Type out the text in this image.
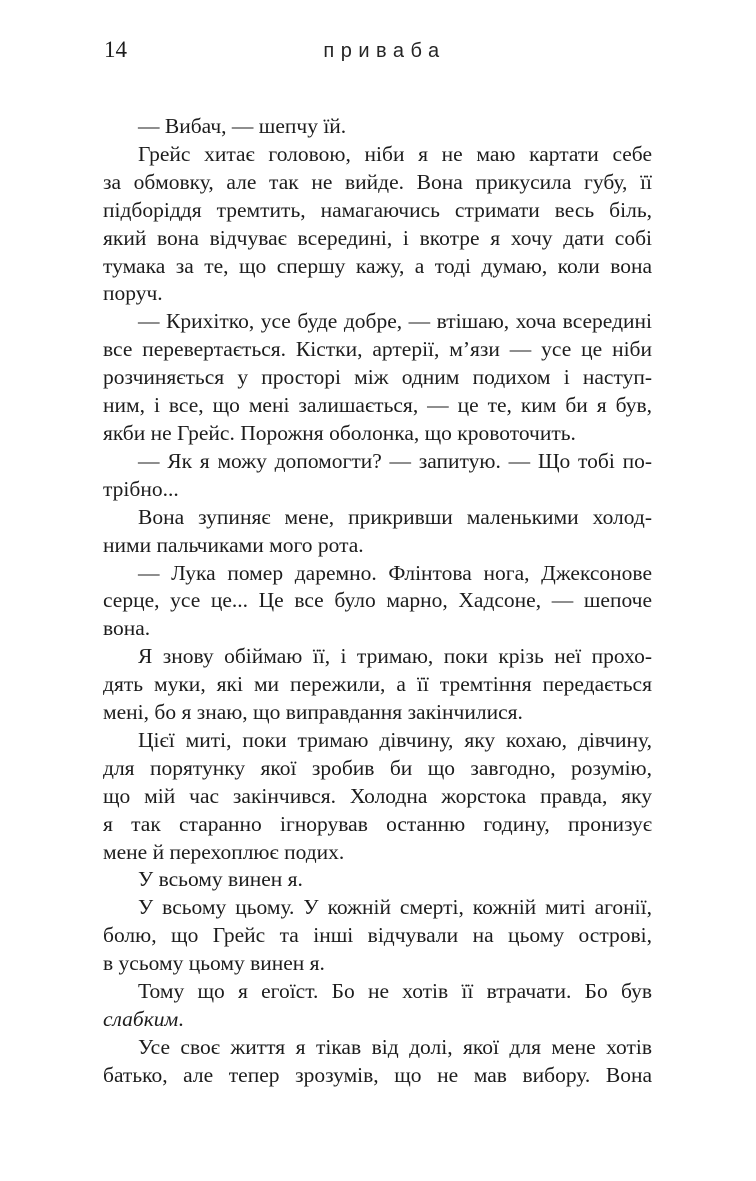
14	приваба
— Вибач, — шепчу їй.
Грейс хитає головою, ніби я не маю картати себе
за обмовку, але так не вийде. Вона прикусила губу, її
підборіддя тремтить, намагаючись стримати весь біль,
який вона відчуває всередині, і вкотре я хочу дати собі
тумака за те, що спершу кажу, а тоді думаю, коли вона
поруч.
— Крихітко, усе буде добре, — втішаю, хоча всередині
все перевертається. Кістки, артерії, м’язи — усе це ніби
розчиняється у просторі між одним подихом і наступ-
ним, і все, що мені залишається, — це те, ким би я був,
якби не Грейс. Порожня оболонка, що кровоточить.
— Як я можу допомогти? — запитую. — Що тобі по-
трібно...
Вона зупиняє мене, прикривши маленькими холод-
ними пальчиками мого рота.
— Лука помер даремно. Флінтова нога, Джексонове
серце, усе це... Це все було марно, Хадсоне, — шепоче
вона.
Я знову обіймаю її, і тримаю, поки крізь неї прохо-
дять муки, які ми пережили, а її тремтіння передається
мені, бо я знаю, що виправдання закінчилися.
Цієї миті, поки тримаю дівчину, яку кохаю, дівчину,
для порятунку якої зробив би що завгодно, розумію,
що мій час закінчився. Холодна жорстока правда, яку
я так старанно ігнорував останню годину, пронизує
мене й перехоплює подих.
У всьому винен я.
У всьому цьому. У кожній смерті, кожній миті агонії,
болю, що Грейс та інші відчували на цьому острові,
в усьому цьому винен я.
Тому що я егоїст. Бо не хотів її втрачати. Бо був
слабким.
Усе своє життя я тікав від долі, якої для мене хотів
батько, але тепер зрозумів, що не мав вибору. Вона
